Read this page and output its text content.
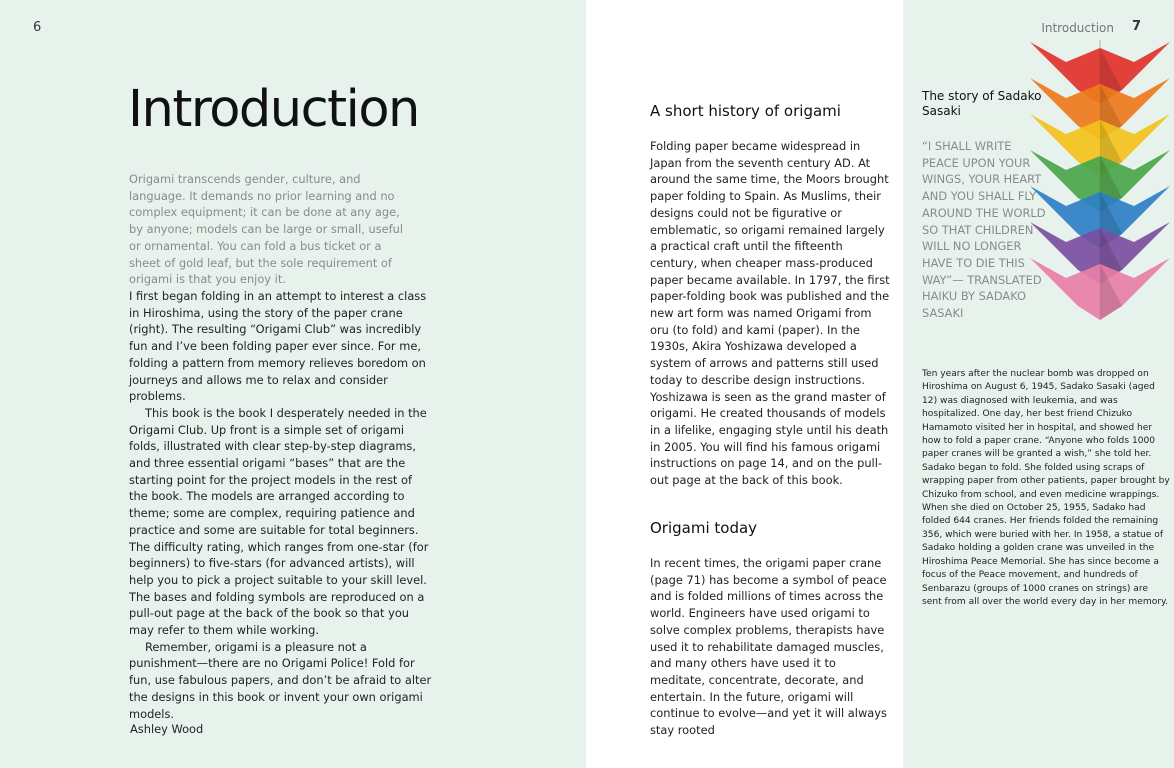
6	Introduction 7
Introduction

Origami transcends gender, culture, and language. It demands no prior learning and no complex equipment; it can be done at any age, by anyone; models can be large or small, useful or ornamental. You can fold a bus ticket or a sheet of gold leaf, but the sole requirement of origami is that you enjoy it.

I first began folding in an attempt to interest a class in Hiroshima, using the story of the paper crane (right). The resulting “Origami Club” was incredibly fun and I’ve been folding paper ever since. For me, folding a pattern from memory relieves boredom on journeys and allows me to relax and consider problems.

This book is the book I desperately needed in the Origami Club. Up front is a simple set of origami folds, illustrated with clear step-by-step diagrams, and three essential origami “bases” that are the starting point for the project models in the rest of the book. The models are arranged according to theme; some are complex, requiring patience and practice and some are suitable for total beginners. The difficulty rating, which ranges from one-star (for beginners) to five-stars (for advanced artists), will help you to pick a project suitable to your skill level. The bases and folding symbols are reproduced on a pull-out page at the back of the book so that you may refer to them while working.

Remember, origami is a pleasure not a punishment—there are no Origami Police! Fold for fun, use fabulous papers, and don’t be afraid to alter the designs in this book or invent your own origami models.

Ashley Wood
A short history of origami

Folding paper became widespread in Japan from the seventh century AD. At around the same time, the Moors brought paper folding to Spain. As Muslims, their designs could not be figurative or emblematic, so origami remained largely a practical craft until the fifteenth century, when cheaper mass-produced paper became available. In 1797, the first paper-folding book was published and the new art form was named Origami from oru (to fold) and kami (paper). In the 1930s, Akira Yoshizawa developed a system of arrows and patterns still used today to describe design instructions. Yoshizawa is seen as the grand master of origami. He created thousands of models in a lifelike, engaging style until his death in 2005. You will find his famous origami instructions on page 14, and on the pull-out page at the back of this book.

Origami today

In recent times, the origami paper crane (page 71) has become a symbol of peace and is folded millions of times across the world. Engineers have used origami to solve complex problems, therapists have used it to rehabilitate damaged muscles, and many others have used it to meditate, concentrate, decorate, and entertain. In the future, origami will continue to evolve—and yet it will always stay rooted

The story of Sadako Sasaki

“I SHALL WRITE PEACE UPON YOUR WINGS, YOUR HEART AND YOU SHALL FLY AROUND THE WORLD SO THAT CHILDREN WILL NO LONGER HAVE TO DIE THIS WAY”— TRANSLATED HAIKU BY SADAKO SASAKI

Ten years after the nuclear bomb was dropped on Hiroshima on August 6, 1945, Sadako Sasaki (aged 12) was diagnosed with leukemia, and was hospitalized. One day, her best friend Chizuko Hamamoto visited her in hospital, and showed her how to fold a paper crane. “Anyone who folds 1000 paper cranes will be granted a wish,” she told her. Sadako began to fold. She folded using scraps of wrapping paper from other patients, paper brought by Chizuko from school, and even medicine wrappings. When she died on October 25, 1955, Sadako had folded 644 cranes. Her friends folded the remaining 356, which were buried with her. In 1958, a statue of Sadako holding a golden crane was unveiled in the Hiroshima Peace Memorial. She has since become a focus of the Peace movement, and hundreds of Senbarazu (groups of 1000 cranes on strings) are sent from all over the world every day in her memory.
